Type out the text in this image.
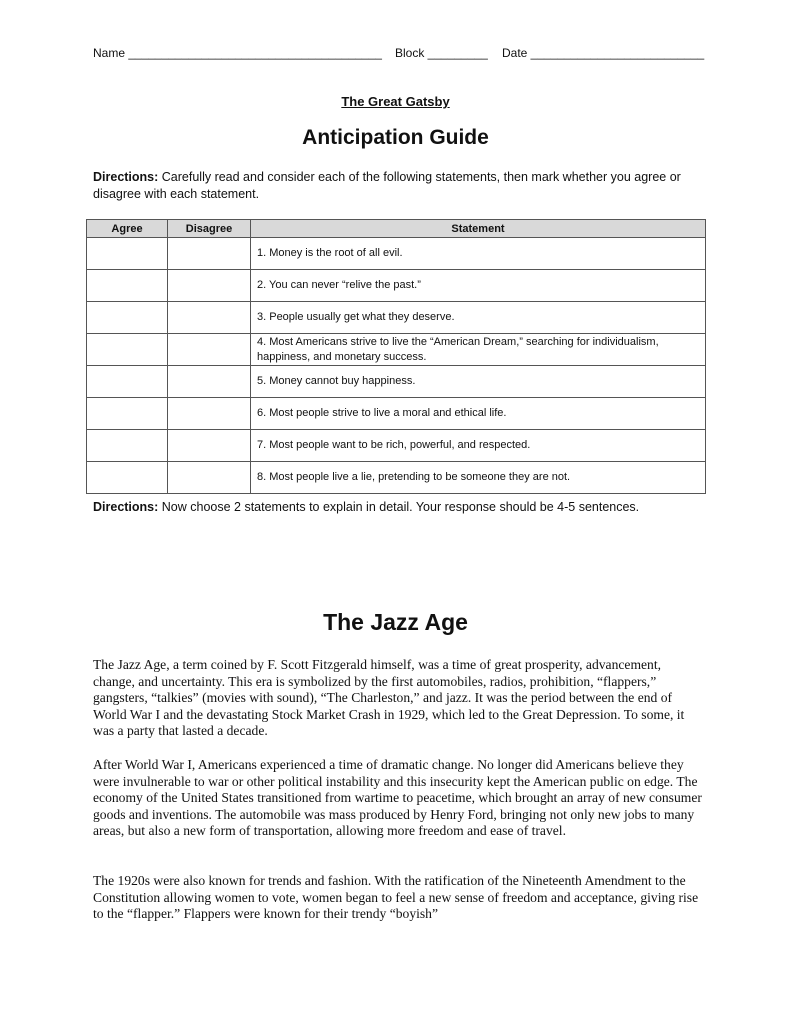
Name ______________________________________

Block _________

Date __________________________

The Great Gatsby
Anticipation Guide
Directions: Carefully read and consider each of the following statements, then mark whether you agree or disagree with each statement.
Agree	Disagree	Statement
		1. Money is the root of all evil.
		2. You can never “relive the past.”
		3. People usually get what they deserve.
		4. Most Americans strive to live the “American Dream,” searching for individualism, happiness, and monetary success.
		5. Money cannot buy happiness.
		6. Most people strive to live a moral and ethical life.
		7. Most people want to be rich, powerful, and respected.
		8. Most people live a lie, pretending to be someone they are not.
Directions: Now choose 2 statements to explain in detail. Your response should be 4-5 sentences.
The Jazz Age

The Jazz Age, a term coined by F. Scott Fitzgerald himself, was a time of great prosperity, advancement, change, and uncertainty. This era is symbolized by the first automobiles, radios, prohibition, “flappers,” gangsters, “talkies” (movies with sound), “The Charleston,” and jazz. It was the period between the end of World War I and the devastating Stock Market Crash in 1929, which led to the Great Depression. To some, it was a party that lasted a decade.

After World War I, Americans experienced a time of dramatic change. No longer did Americans believe they were invulnerable to war or other political instability and this insecurity kept the American public on edge. The economy of the United States transitioned from wartime to peacetime, which brought an array of new consumer goods and inventions. The automobile was mass produced by Henry Ford, bringing not only new jobs to many areas, but also a new form of transportation, allowing more freedom and ease of travel.

The 1920s were also known for trends and fashion. With the ratification of the Nineteenth Amendment to the Constitution allowing women to vote, women began to feel a new sense of freedom and acceptance, giving rise to the “flapper.” Flappers were known for their trendy “boyish”
